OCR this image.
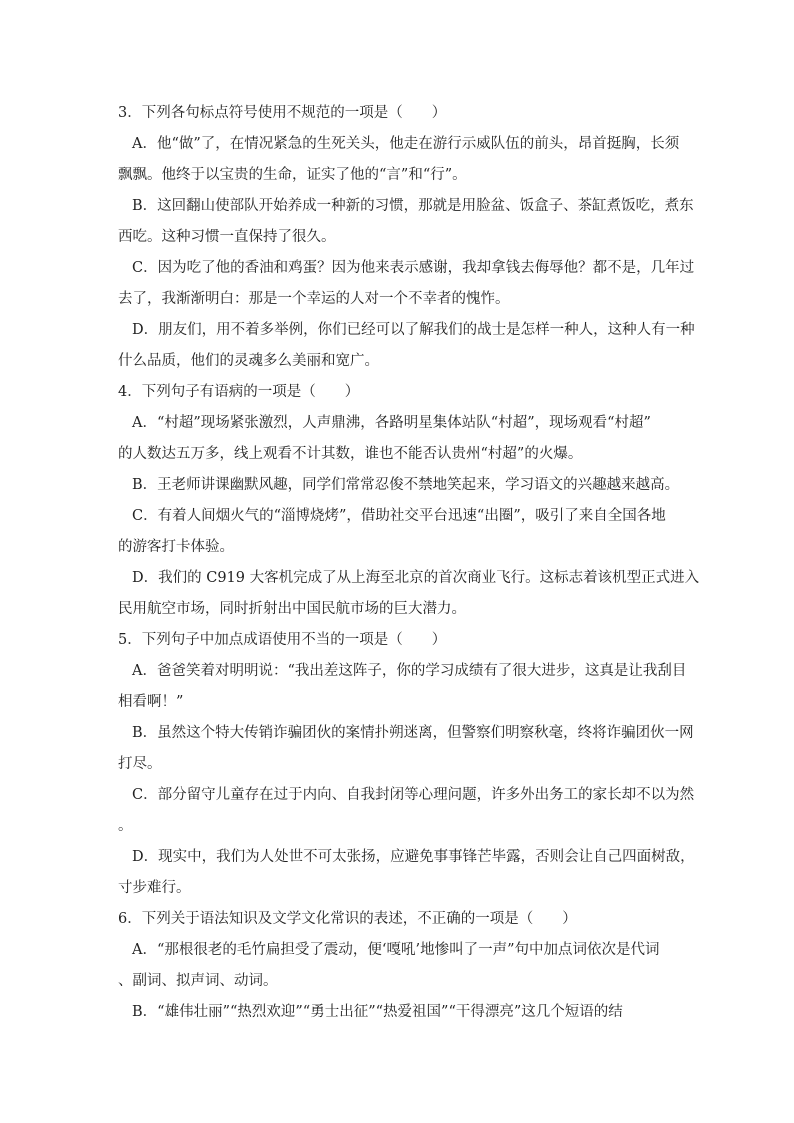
3．下列各句标点符号使用不规范的一项是（　　）

A．他“做”了，在情况紧急的生死关头，他走在游行示威队伍的前头，昂首挺胸，长须

飘飘。他终于以宝贵的生命，证实了他的“言”和“行”。

B．这回翻山使部队开始养成一种新的习惯，那就是用脸盆、饭盒子、茶缸煮饭吃，煮东

西吃。这种习惯一直保持了很久。

C．因为吃了他的香油和鸡蛋？因为他来表示感谢，我却拿钱去侮辱他？都不是，几年过

去了，我渐渐明白：那是一个幸运的人对一个不幸者的愧怍。

D．朋友们，用不着多举例，你们已经可以了解我们的战士是怎样一种人，这种人有一种

什么品质，他们的灵魂多么美丽和宽广。

4．下列句子有语病的一项是（　　）

A．“村超”现场紧张激烈，人声鼎沸，各路明星集体站队“村超”，现场观看“村超”

的人数达五万多，线上观看不计其数，谁也不能否认贵州“村超”的火爆。

B．王老师讲课幽默风趣，同学们常常忍俊不禁地笑起来，学习语文的兴趣越来越高。

C．有着人间烟火气的“淄博烧烤”，借助社交平台迅速“出圈”，吸引了来自全国各地

的游客打卡体验。

D．我们的 C919 大客机完成了从上海至北京的首次商业飞行。这标志着该机型正式进入

民用航空市场，同时折射出中国民航市场的巨大潜力。

5．下列句子中加点成语使用不当的一项是（　　）

A．爸爸笑着对明明说：“我出差这阵子，你的学习成绩有了很大进步，这真是让我刮目

相看啊！”

B．虽然这个特大传销诈骗团伙的案情扑朔迷离，但警察们明察秋毫，终将诈骗团伙一网

打尽。

C．部分留守儿童存在过于内向、自我封闭等心理问题，许多外出务工的家长却不以为然

。

D．现实中，我们为人处世不可太张扬，应避免事事锋芒毕露，否则会让自己四面树敌，

寸步难行。

6．下列关于语法知识及文学文化常识的表述，不正确的一项是（　　）

A．“那根很老的毛竹扁担受了震动，便‘嘎吼’地惨叫了一声”句中加点词依次是代词

、副词、拟声词、动词。

B．“雄伟壮丽”“热烈欢迎”“勇士出征”“热爱祖国”“干得漂亮”这几个短语的结
